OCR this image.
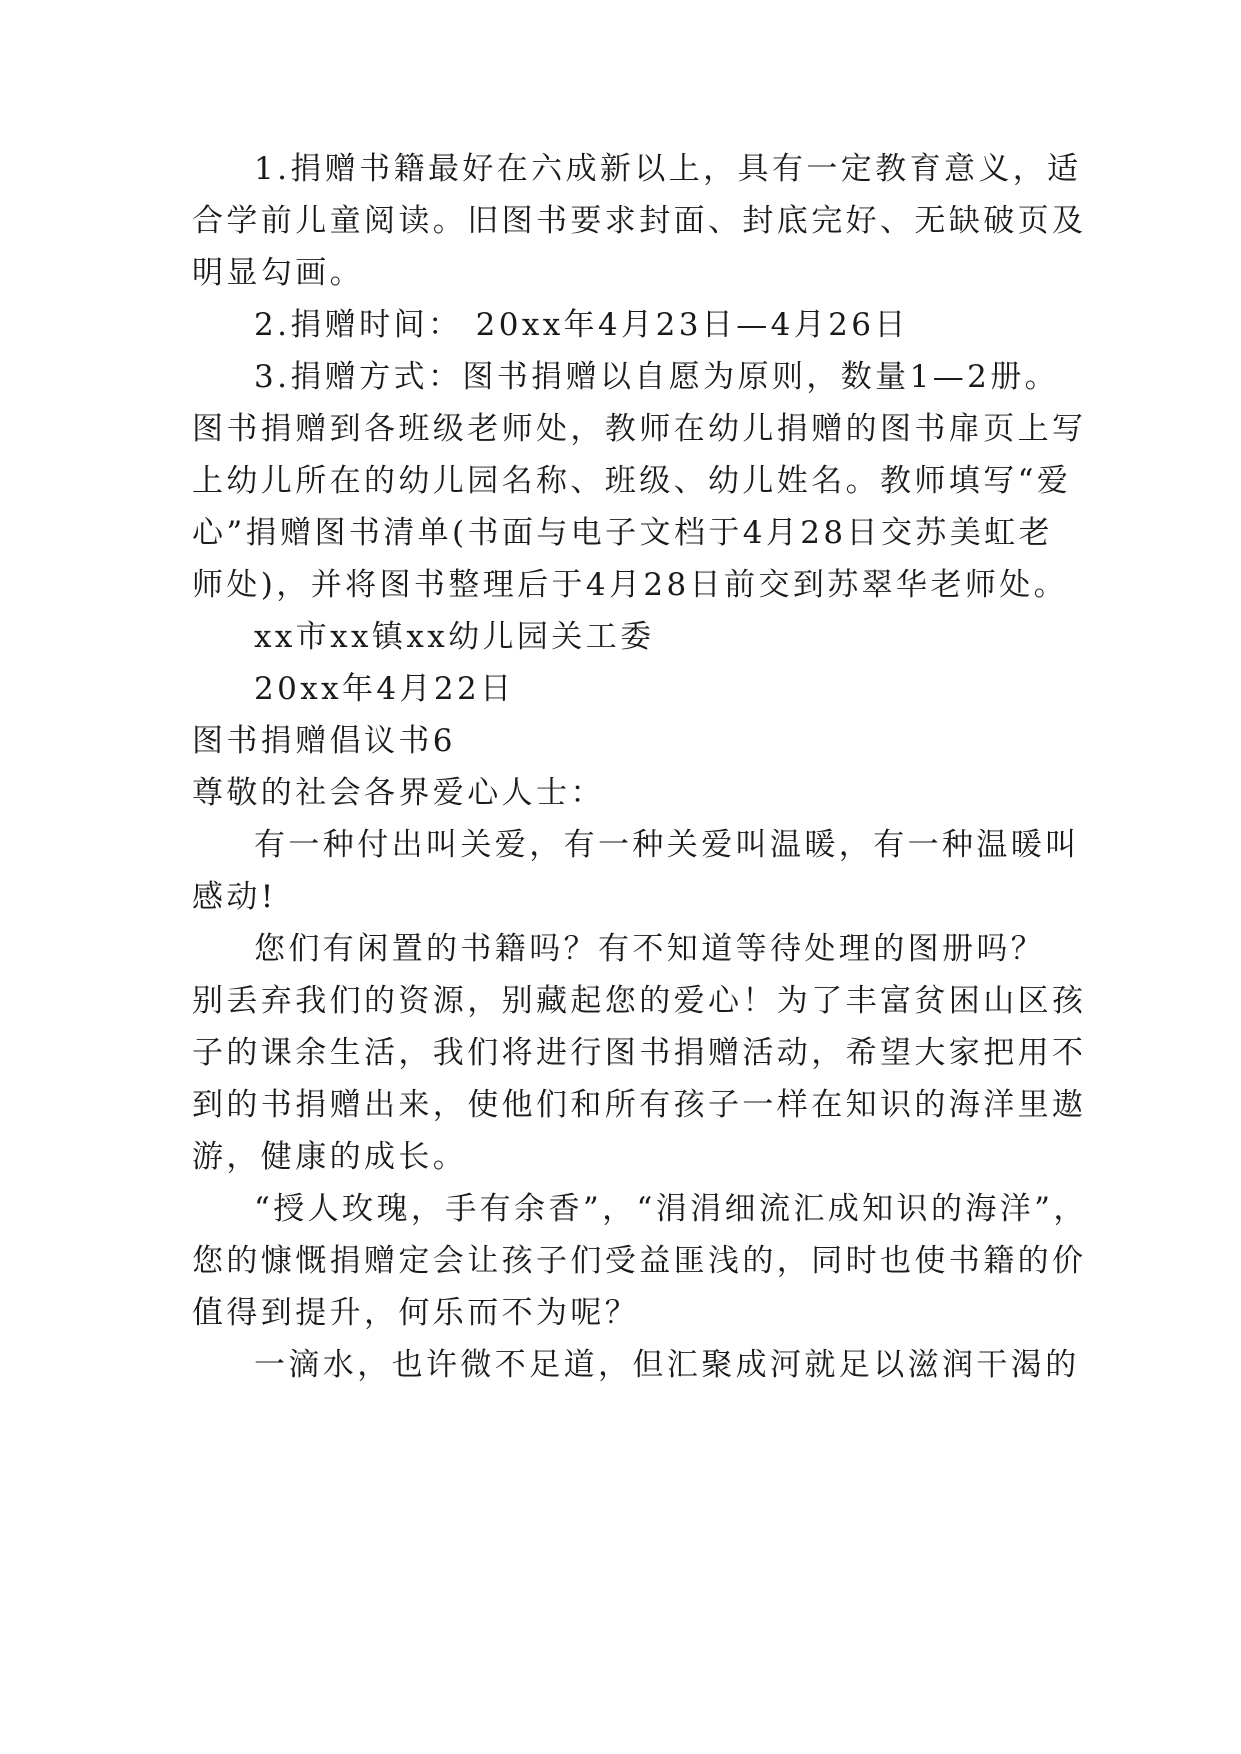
1.捐赠书籍最好在六成新以上，具有一定教育意义，适
合学前儿童阅读。旧图书要求封面、封底完好、无缺破页及
明显勾画。
2.捐赠时间： 20xx年4月23日—4月26日
3.捐赠方式：图书捐赠以自愿为原则，数量1—2册。
图书捐赠到各班级老师处，教师在幼儿捐赠的图书扉页上写
上幼儿所在的幼儿园名称、班级、幼儿姓名。教师填写“爱
心”捐赠图书清单(书面与电子文档于4月28日交苏美虹老
师处)，并将图书整理后于4月28日前交到苏翠华老师处。
xx市xx镇xx幼儿园关工委
20xx年4月22日
图书捐赠倡议书6
尊敬的社会各界爱心人士：
有一种付出叫关爱，有一种关爱叫温暖，有一种温暖叫
感动!
您们有闲置的书籍吗？有不知道等待处理的图册吗？
别丢弃我们的资源，别藏起您的爱心！为了丰富贫困山区孩
子的课余生活，我们将进行图书捐赠活动，希望大家把用不
到的书捐赠出来，使他们和所有孩子一样在知识的海洋里遨
游，健康的成长。
“授人玫瑰，手有余香”，“涓涓细流汇成知识的海洋”，
您的慷慨捐赠定会让孩子们受益匪浅的，同时也使书籍的价
值得到提升，何乐而不为呢？
一滴水，也许微不足道，但汇聚成河就足以滋润干渴的
